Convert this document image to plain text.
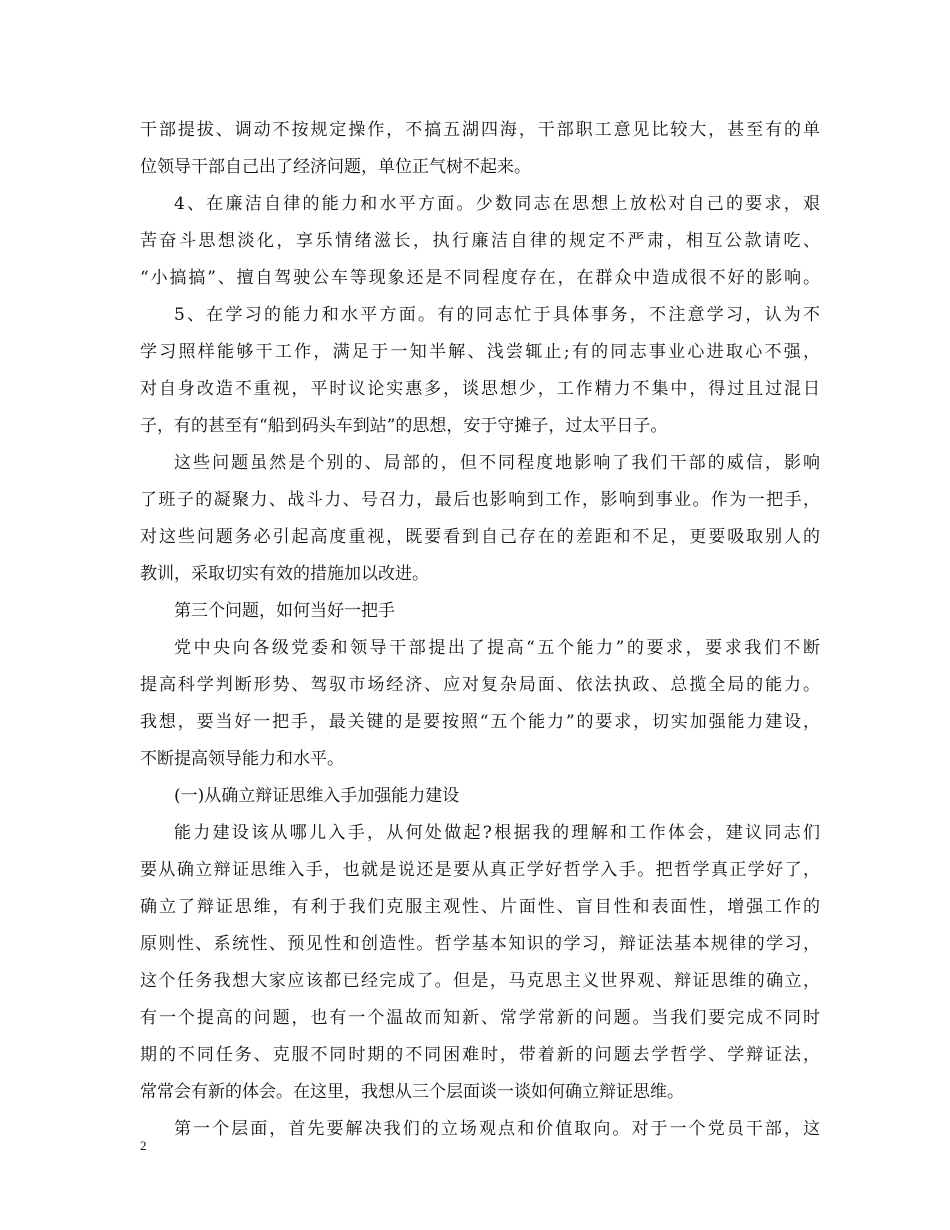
干部提拔、调动不按规定操作，不搞五湖四海，干部职工意见比较大，甚至有的单
位领导干部自己出了经济问题，单位正气树不起来。
4、在廉洁自律的能力和水平方面。少数同志在思想上放松对自己的要求，艰
苦奋斗思想淡化，享乐情绪滋长，执行廉洁自律的规定不严肃，相互公款请吃、
“小搞搞”、擅自驾驶公车等现象还是不同程度存在，在群众中造成很不好的影响。
5、在学习的能力和水平方面。有的同志忙于具体事务，不注意学习，认为不
学习照样能够干工作，满足于一知半解、浅尝辄止;有的同志事业心进取心不强，
对自身改造不重视，平时议论实惠多，谈思想少，工作精力不集中，得过且过混日
子，有的甚至有“船到码头车到站”的思想，安于守摊子，过太平日子。
这些问题虽然是个别的、局部的，但不同程度地影响了我们干部的威信，影响
了班子的凝聚力、战斗力、号召力，最后也影响到工作，影响到事业。作为一把手，
对这些问题务必引起高度重视，既要看到自己存在的差距和不足，更要吸取别人的
教训，采取切实有效的措施加以改进。
第三个问题，如何当好一把手
党中央向各级党委和领导干部提出了提高“五个能力”的要求，要求我们不断
提高科学判断形势、驾驭市场经济、应对复杂局面、依法执政、总揽全局的能力。
我想，要当好一把手，最关键的是要按照“五个能力”的要求，切实加强能力建设，
不断提高领导能力和水平。
(一)从确立辩证思维入手加强能力建设
能力建设该从哪儿入手，从何处做起?根据我的理解和工作体会，建议同志们
要从确立辩证思维入手，也就是说还是要从真正学好哲学入手。把哲学真正学好了，
确立了辩证思维，有利于我们克服主观性、片面性、盲目性和表面性，增强工作的
原则性、系统性、预见性和创造性。哲学基本知识的学习，辩证法基本规律的学习，
这个任务我想大家应该都已经完成了。但是，马克思主义世界观、辩证思维的确立，
有一个提高的问题，也有一个温故而知新、常学常新的问题。当我们要完成不同时
期的不同任务、克服不同时期的不同困难时，带着新的问题去学哲学、学辩证法，
常常会有新的体会。在这里，我想从三个层面谈一谈如何确立辩证思维。
第一个层面，首先要解决我们的立场观点和价值取向。对于一个党员干部，这
2
